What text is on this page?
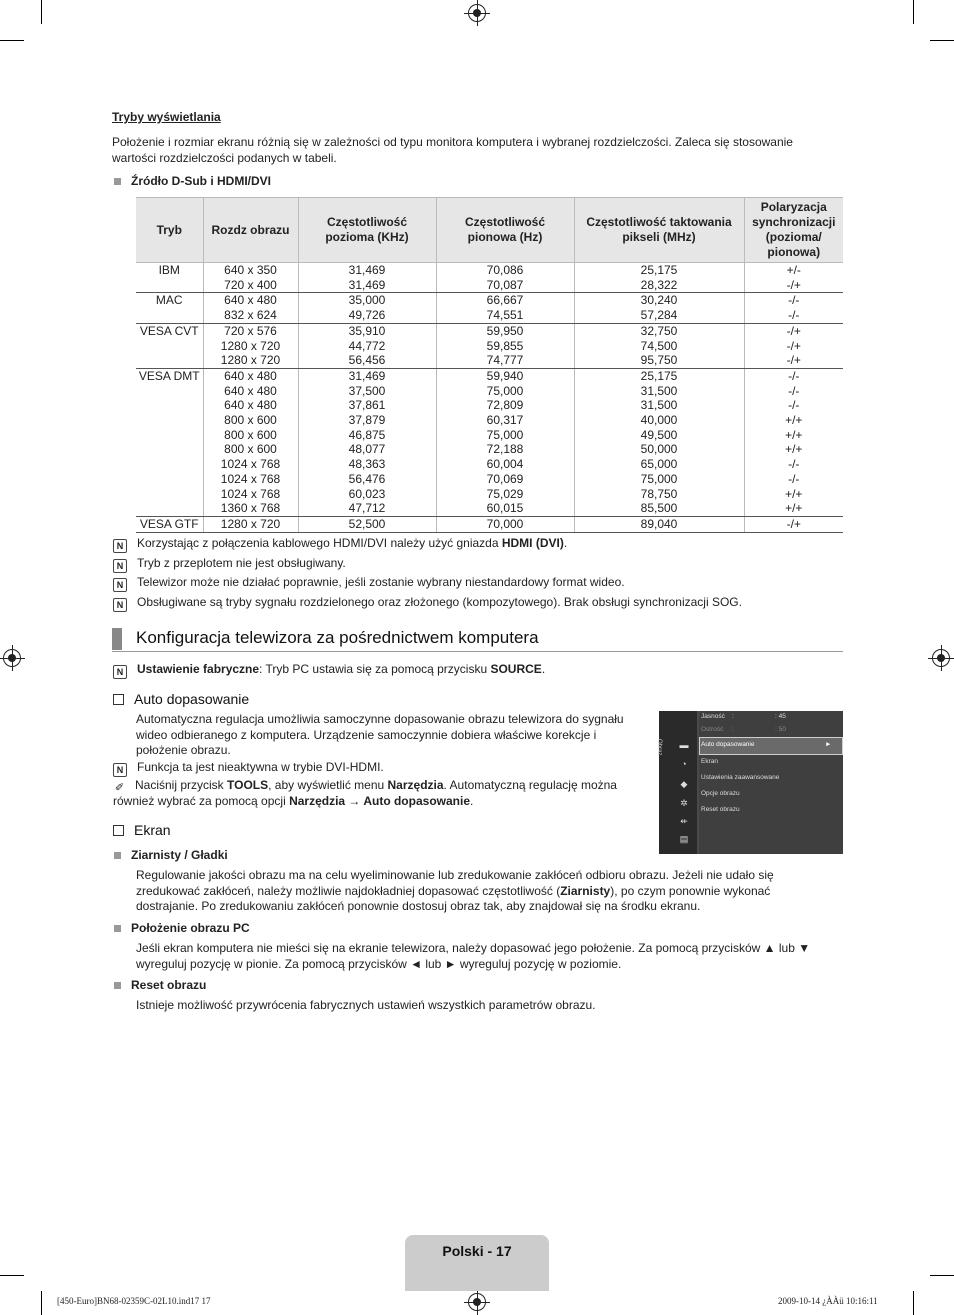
Tryby wyświetlania
Położenie i rozmiar ekranu różnią się w zależności od typu monitora komputera i wybranej rozdzielczości. Zaleca się stosowanie wartości rozdzielczości podanych w tabeli.
Źródło D-Sub i HDMI/DVI
Tryb	Rozdz obrazu	Częstotliwość pozioma (KHz)	Częstotliwość pionowa (Hz)	Częstotliwość taktowania pikseli (MHz)	Polaryzacja synchronizacji (pozioma/ pionowa)
IBM	640 x 350	31,469	70,086	25,175	+/-
	720 x 400	31,469	70,087	28,322	-/+
MAC	640 x 480	35,000	66,667	30,240	-/-
	832 x 624	49,726	74,551	57,284	-/-
VESA CVT	720 x 576	35,910	59,950	32,750	-/+
	1280 x 720	44,772	59,855	74,500	-/+
	1280 x 720	56,456	74,777	95,750	-/+
VESA DMT	640 x 480	31,469	59,940	25,175	-/-
	640 x 480	37,500	75,000	31,500	-/-
	640 x 480	37,861	72,809	31,500	-/-
	800 x 600	37,879	60,317	40,000	+/+
	800 x 600	46,875	75,000	49,500	+/+
	800 x 600	48,077	72,188	50,000	+/+
	1024 x 768	48,363	60,004	65,000	-/-
	1024 x 768	56,476	70,069	75,000	-/-
	1024 x 768	60,023	75,029	78,750	+/+
	1360 x 768	47,712	60,015	85,500	+/+
VESA GTF	1280 x 720	52,500	70,000	89,040	-/+
N Korzystając z połączenia kablowego HDMI/DVI należy użyć gniazda HDMI (DVI).
N Tryb z przeplotem nie jest obsługiwany.
N Telewizor może nie działać poprawnie, jeśli zostanie wybrany niestandardowy format wideo.
N Obsługiwane są tryby sygnału rozdzielonego oraz złożonego (kompozytowego). Brak obsługi synchronizacji SOG.
Konfiguracja telewizora za pośrednictwem komputera
N Ustawienie fabryczne: Tryb PC ustawia się za pomocą przycisku SOURCE.
Auto dopasowanie
Automatyczna regulacja umożliwia samoczynne dopasowanie obrazu telewizora do sygnału wideo odbieranego z komputera. Urządzenie samoczynnie dobiera właściwe korekcje i położenie obrazu.
N Funkcja ta jest nieaktywna w trybie DVI-HDMI.
✐ Naciśnij przycisk TOOLS, aby wyświetlić menu Narzędzia. Automatyczną regulację można również wybrać za pomocą opcji Narzędzia → Auto dopasowanie.
Obraz ▬
◔
◆
✲
⇷
▤
Jasność :	: 45
Ostrość :	: 50
Auto dopasowanie	►
Ekran
Ustawienia zaawansowane
Opcje obrazu
Reset obrazu
Ekran
Ziarnisty / Gładki
Regulowanie jakości obrazu ma na celu wyeliminowanie lub zredukowanie zakłóceń odbioru obrazu. Jeżeli nie udało się zredukować zakłóceń, należy możliwie najdokładniej dopasować częstotliwość (Ziarnisty), po czym ponownie wykonać dostrajanie. Po zredukowaniu zakłóceń ponownie dostosuj obraz tak, aby znajdował się na środku ekranu.
Położenie obrazu PC
Jeśli ekran komputera nie mieści się na ekranie telewizora, należy dopasować jego położenie. Za pomocą przycisków ▲ lub ▼ wyreguluj pozycję w pionie. Za pomocą przycisków ◄ lub ► wyreguluj pozycję w poziomie.
Reset obrazu
Istnieje możliwość przywrócenia fabrycznych ustawień wszystkich parametrów obrazu.
Polski - 17
[450-Euro]BN68-02359C-02L10.ind17 17	2009-10-14 ¿ÀÀü 10:16:11
